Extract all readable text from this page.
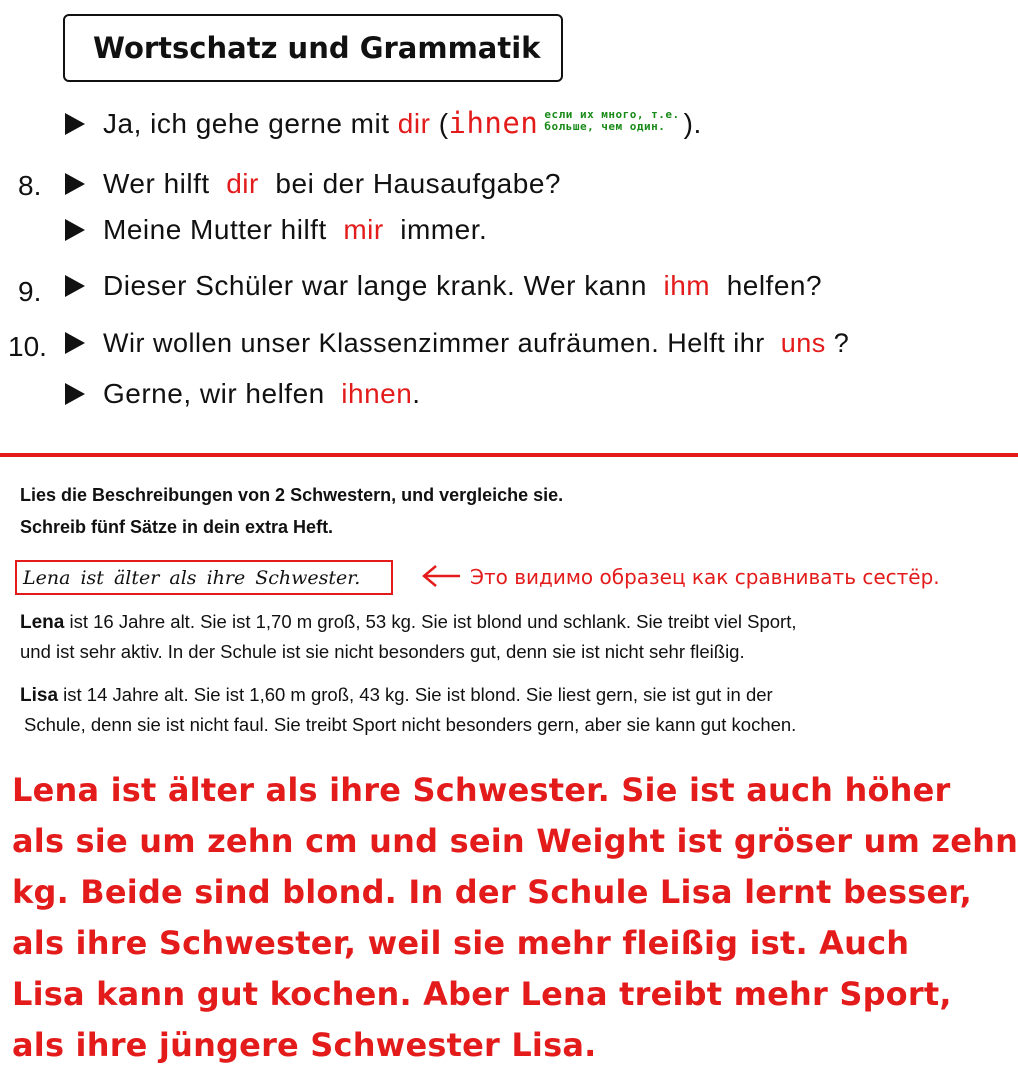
Wortschatz und Grammatik
Ja, ich gehe gerne mit dir (ihnen если их много, т.е.
больше, чем один. ).
8.	Wer hilft dir bei der Hausaufgabe?
Meine Mutter hilft mir immer.
9.	Dieser Schüler war lange krank. Wer kann ihm helfen?
10.	Wir wollen unser Klassenzimmer aufräumen. Helft ihr uns ?
Gerne, wir helfen ihnen.
Lies die Beschreibungen von 2 Schwestern, und vergleiche sie.
Schreib fünf Sätze in dein extra Heft.
Lena ist älter als ihre Schwester.	Это видимо образец как сравнивать сестёр.
Lena ist 16 Jahre alt. Sie ist 1,70 m groß, 53 kg. Sie ist blond und schlank. Sie treibt viel Sport,
und ist sehr aktiv. In der Schule ist sie nicht besonders gut, denn sie ist nicht sehr fleißig.
Lisa ist 14 Jahre alt. Sie ist 1,60 m groß, 43 kg. Sie ist blond. Sie liest gern, sie ist gut in der
Schule, denn sie ist nicht faul. Sie treibt Sport nicht besonders gern, aber sie kann gut kochen.
Lena ist älter als ihre Schwester. Sie ist auch höher
als sie um zehn cm und sein Weight ist gröser um zehn
kg. Beide sind blond. In der Schule Lisa lernt besser,
als ihre Schwester, weil sie mehr fleißig ist. Auch
Lisa kann gut kochen. Aber Lena treibt mehr Sport,
als ihre jüngere Schwester Lisa.
